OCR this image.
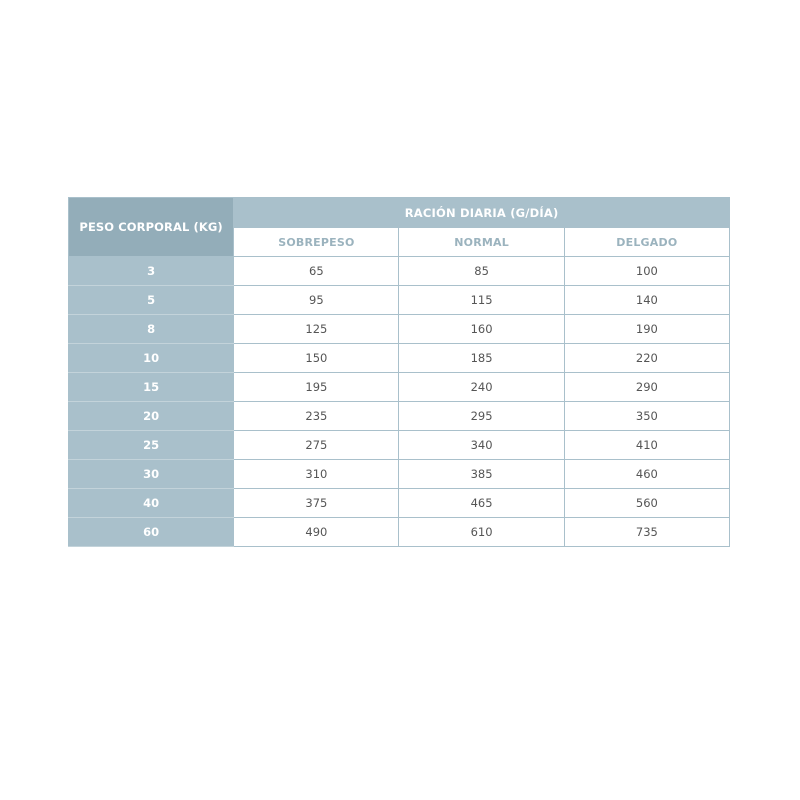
PESO CORPORAL (KG)	RACIÓN DIARIA (G/DÍA)		
	SOBREPESO	NORMAL	DELGADO
3	65	85	100
5	95	115	140
8	125	160	190
10	150	185	220
15	195	240	290
20	235	295	350
25	275	340	410
30	310	385	460
40	375	465	560
60	490	610	735
